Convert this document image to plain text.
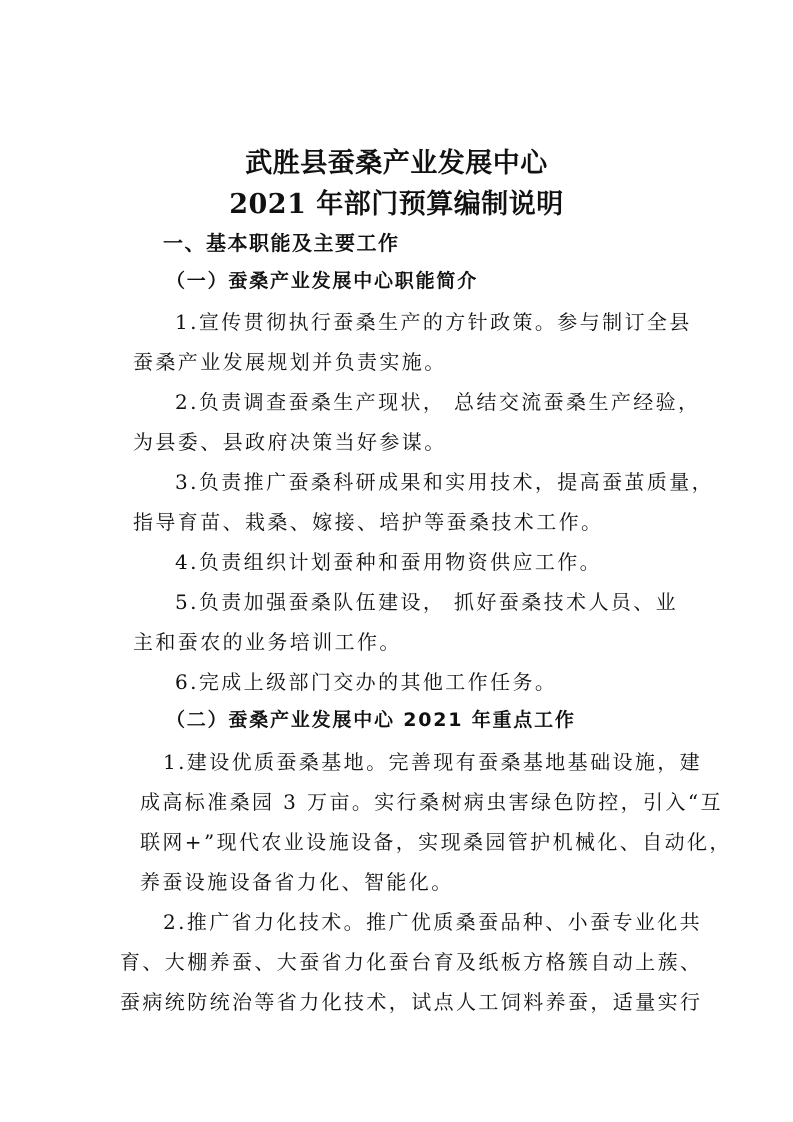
武胜县蚕桑产业发展中心
2021 年部门预算编制说明
一、基本职能及主要工作
（一）蚕桑产业发展中心职能简介
1.宣传贯彻执行蚕桑生产的方针政策。参与制订全县
蚕桑产业发展规划并负责实施。
2.负责调查蚕桑生产现状， 总结交流蚕桑生产经验，
为县委、县政府决策当好参谋。
3.负责推广蚕桑科研成果和实用技术，提高蚕茧质量，
指导育苗、栽桑、嫁接、培护等蚕桑技术工作。
4.负责组织计划蚕种和蚕用物资供应工作。
5.负责加强蚕桑队伍建设， 抓好蚕桑技术人员、业
主和蚕农的业务培训工作。
6.完成上级部门交办的其他工作任务。
（二）蚕桑产业发展中心 2021 年重点工作
1.建设优质蚕桑基地。完善现有蚕桑基地基础设施，建
成高标准桑园 3 万亩。实行桑树病虫害绿色防控，引入“互
联网+”现代农业设施设备，实现桑园管护机械化、自动化，
养蚕设施设备省力化、智能化。
2.推广省力化技术。推广优质桑蚕品种、小蚕专业化共
育、大棚养蚕、大蚕省力化蚕台育及纸板方格簇自动上蔟、
蚕病统防统治等省力化技术，试点人工饲料养蚕，适量实行
